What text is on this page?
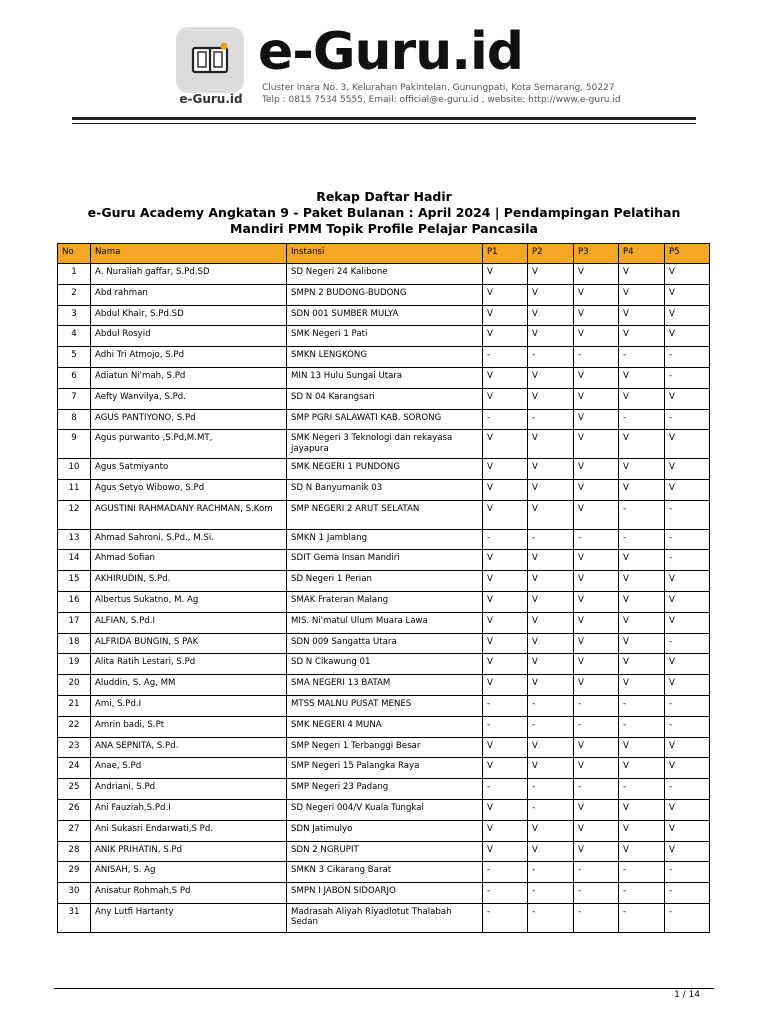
e-Guru.id
e-Guru.id
Cluster Inara No. 3, Kelurahan Pakintelan, Gunungpati, Kota Semarang, 50227
Telp : 0815 7534 5555, Email: official@e-guru.id , website: http://www.e-guru.id
Rekap Daftar Hadir
e-Guru Academy Angkatan 9 - Paket Bulanan : April 2024 | Pendampingan Pelatihan
Mandiri PMM Topik Profile Pelajar Pancasila
No	Nama	Instansi	P1	P2	P3	P4	P5
1	A. Nuraliah gaffar, S.Pd.SD	SD Negeri 24 Kalibone	V	V	V	V	V
2	Abd rahman	SMPN 2 BUDONG-BUDONG	V	V	V	V	V
3	Abdul Khair, S.Pd.SD	SDN 001 SUMBER MULYA	V	V	V	V	V
4	Abdul Rosyid	SMK Negeri 1 Pati	V	V	V	V	V
5	Adhi Tri Atmojo, S.Pd	SMKN LENGKONG	-	-	-	-	-
6	Adiatun Ni'mah, S.Pd	MIN 13 Hulu Sungai Utara	V	V	V	V	-
7	Aefty Wanvilya, S.Pd.	SD N 04 Karangsari	V	V	V	V	V
8	AGUS PANTIYONO, S.Pd	SMP PGRI SALAWATI KAB. SORONG	-	-	V	-	-
9	Agus purwanto ,S.Pd,M.MT,	SMK Negeri 3 Teknologi dan rekayasa jayapura	V	V	V	V	V
10	Agus Satmiyanto	SMK NEGERI 1 PUNDONG	V	V	V	V	V
11	Agus Setyo Wibowo, S.Pd	SD N Banyumanik 03	V	V	V	V	V
12	AGUSTINI RAHMADANY RACHMAN, S.Kom	SMP NEGERI 2 ARUT SELATAN	V	V	V	-	-
13	Ahmad Sahroni, S.Pd., M.Si.	SMKN 1 Jamblang	-	-	-	-	-
14	Ahmad Sofian	SDIT Gema Insan Mandiri	V	V	V	V	-
15	AKHIRUDIN, S.Pd.	SD Negeri 1 Perian	V	V	V	V	V
16	Albertus Sukatno, M. Ag	SMAK Frateran Malang	V	V	V	V	V
17	ALFIAN, S.Pd.I	MIS. Ni'matul Ulum Muara Lawa	V	V	V	V	V
18	ALFRIDA BUNGIN, S PAK	SDN 009 Sangatta Utara	V	V	V	V	-
19	Alita Ratih Lestari, S.Pd	SD N Cikawung 01	V	V	V	V	V
20	Aluddin, S. Ag, MM	SMA NEGERI 13 BATAM	V	V	V	V	V
21	Ami, S.Pd.I	MTSS MALNU PUSAT MENES	-	-	-	-	-
22	Amrin badi, S.Pt	SMK NEGERI 4 MUNA	-	-	-	-	-
23	ANA SEPNITA, S.Pd.	SMP Negeri 1 Terbanggi Besar	V	V	V	V	V
24	Anae, S.Pd	SMP Negeri 15 Palangka Raya	V	V	V	V	V
25	Andriani, S.Pd	SMP Negeri 23 Padang	-	-	-	-	-
26	Ani Fauziah,S.Pd.I	SD Negeri 004/V Kuala Tungkal	V	-	V	V	V
27	Ani Sukasri Endarwati,S Pd.	SDN Jatimulyo	V	V	V	V	V
28	ANIK PRIHATIN, S.Pd	SDN 2 NGRUPIT	V	V	V	V	V
29	ANISAH, S. Ag	SMKN 3 Cikarang Barat	-	-	-	-	-
30	Anisatur Rohmah,S Pd	SMPN I JABON SIDOARJO	-	-	-	-	-
31	Any Lutfi Hartanty	Madrasah Aliyah Riyadlotut Thalabah Sedan	-	-	-	-	-
1 / 14
